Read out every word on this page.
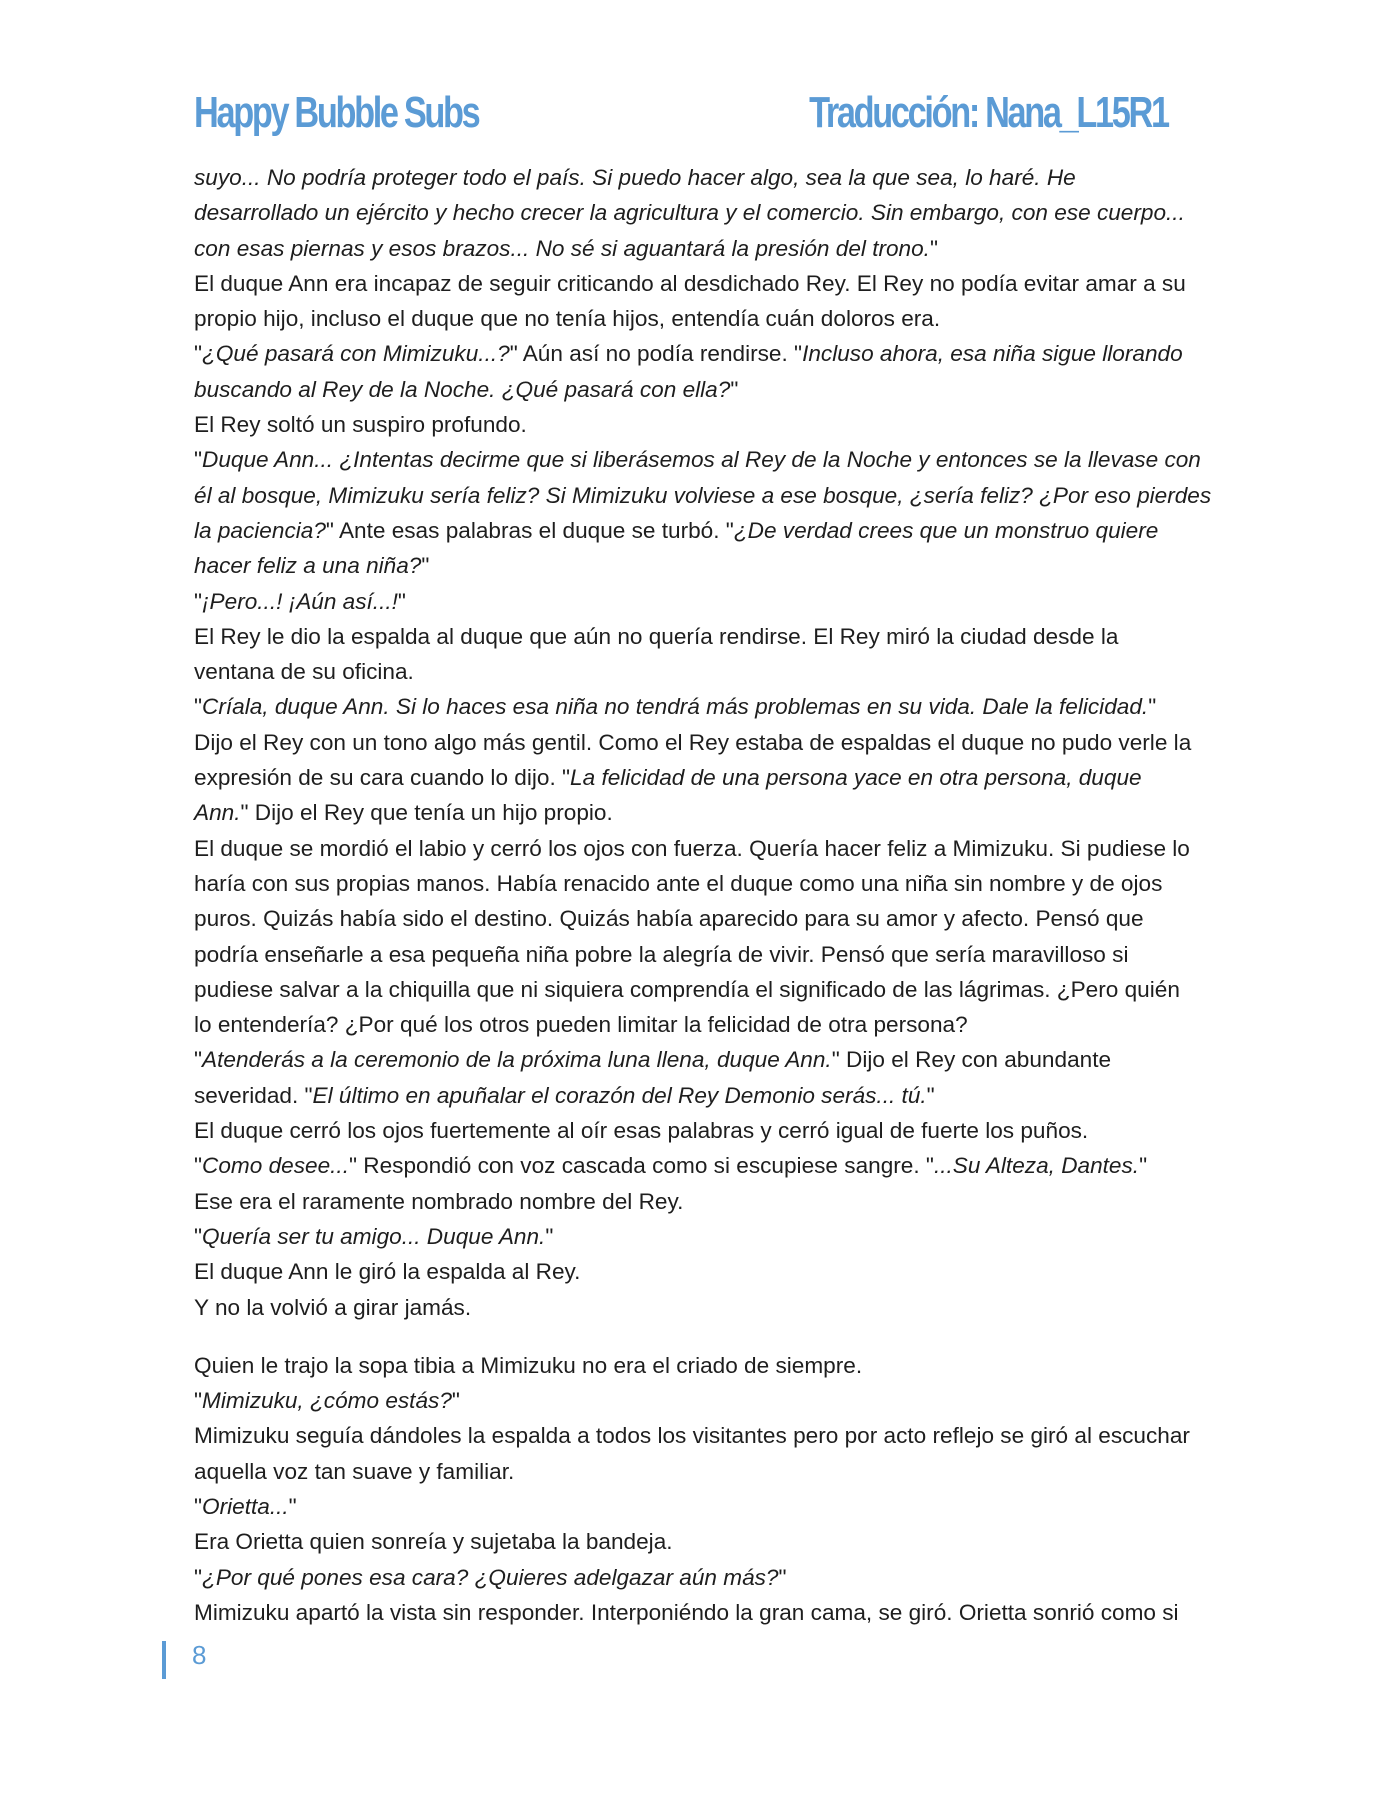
Happy Bubble Subs	Traducción: Nana_L15R1

suyo... No podría proteger todo el país. Si puedo hacer algo, sea la que sea, lo haré. He

desarrollado un ejército y hecho crecer la agricultura y el comercio. Sin embargo, con ese cuerpo...

con esas piernas y esos brazos... No sé si aguantará la presión del trono."

El duque Ann era incapaz de seguir criticando al desdichado Rey. El Rey no podía evitar amar a su

propio hijo, incluso el duque que no tenía hijos, entendía cuán doloros era.

"¿Qué pasará con Mimizuku...?" Aún así no podía rendirse. "Incluso ahora, esa niña sigue llorando

buscando al Rey de la Noche. ¿Qué pasará con ella?"

El Rey soltó un suspiro profundo.

"Duque Ann... ¿Intentas decirme que si liberásemos al Rey de la Noche y entonces se la llevase con

él al bosque, Mimizuku sería feliz? Si Mimizuku volviese a ese bosque, ¿sería feliz? ¿Por eso pierdes

la paciencia?" Ante esas palabras el duque se turbó. "¿De verdad crees que un monstruo quiere

hacer feliz a una niña?"

"¡Pero...! ¡Aún así...!"

El Rey le dio la espalda al duque que aún no quería rendirse. El Rey miró la ciudad desde la

ventana de su oficina.

"Críala, duque Ann. Si lo haces esa niña no tendrá más problemas en su vida. Dale la felicidad."

Dijo el Rey con un tono algo más gentil. Como el Rey estaba de espaldas el duque no pudo verle la

expresión de su cara cuando lo dijo. "La felicidad de una persona yace en otra persona, duque

Ann." Dijo el Rey que tenía un hijo propio.

El duque se mordió el labio y cerró los ojos con fuerza. Quería hacer feliz a Mimizuku. Si pudiese lo

haría con sus propias manos. Había renacido ante el duque como una niña sin nombre y de ojos

puros. Quizás había sido el destino. Quizás había aparecido para su amor y afecto. Pensó que

podría enseñarle a esa pequeña niña pobre la alegría de vivir. Pensó que sería maravilloso si

pudiese salvar a la chiquilla que ni siquiera comprendía el significado de las lágrimas. ¿Pero quién

lo entendería? ¿Por qué los otros pueden limitar la felicidad de otra persona?

"Atenderás a la ceremonio de la próxima luna llena, duque Ann." Dijo el Rey con abundante

severidad. "El último en apuñalar el corazón del Rey Demonio serás... tú."

El duque cerró los ojos fuertemente al oír esas palabras y cerró igual de fuerte los puños.

"Como desee..." Respondió con voz cascada como si escupiese sangre. "...Su Alteza, Dantes."

Ese era el raramente nombrado nombre del Rey.

"Quería ser tu amigo... Duque Ann."

El duque Ann le giró la espalda al Rey.

Y no la volvió a girar jamás.

Quien le trajo la sopa tibia a Mimizuku no era el criado de siempre.

"Mimizuku, ¿cómo estás?"

Mimizuku seguía dándoles la espalda a todos los visitantes pero por acto reflejo se giró al escuchar

aquella voz tan suave y familiar.

"Orietta..."

Era Orietta quien sonreía y sujetaba la bandeja.

"¿Por qué pones esa cara? ¿Quieres adelgazar aún más?"

Mimizuku apartó la vista sin responder. Interponiéndo la gran cama, se giró. Orietta sonrió como si

8
